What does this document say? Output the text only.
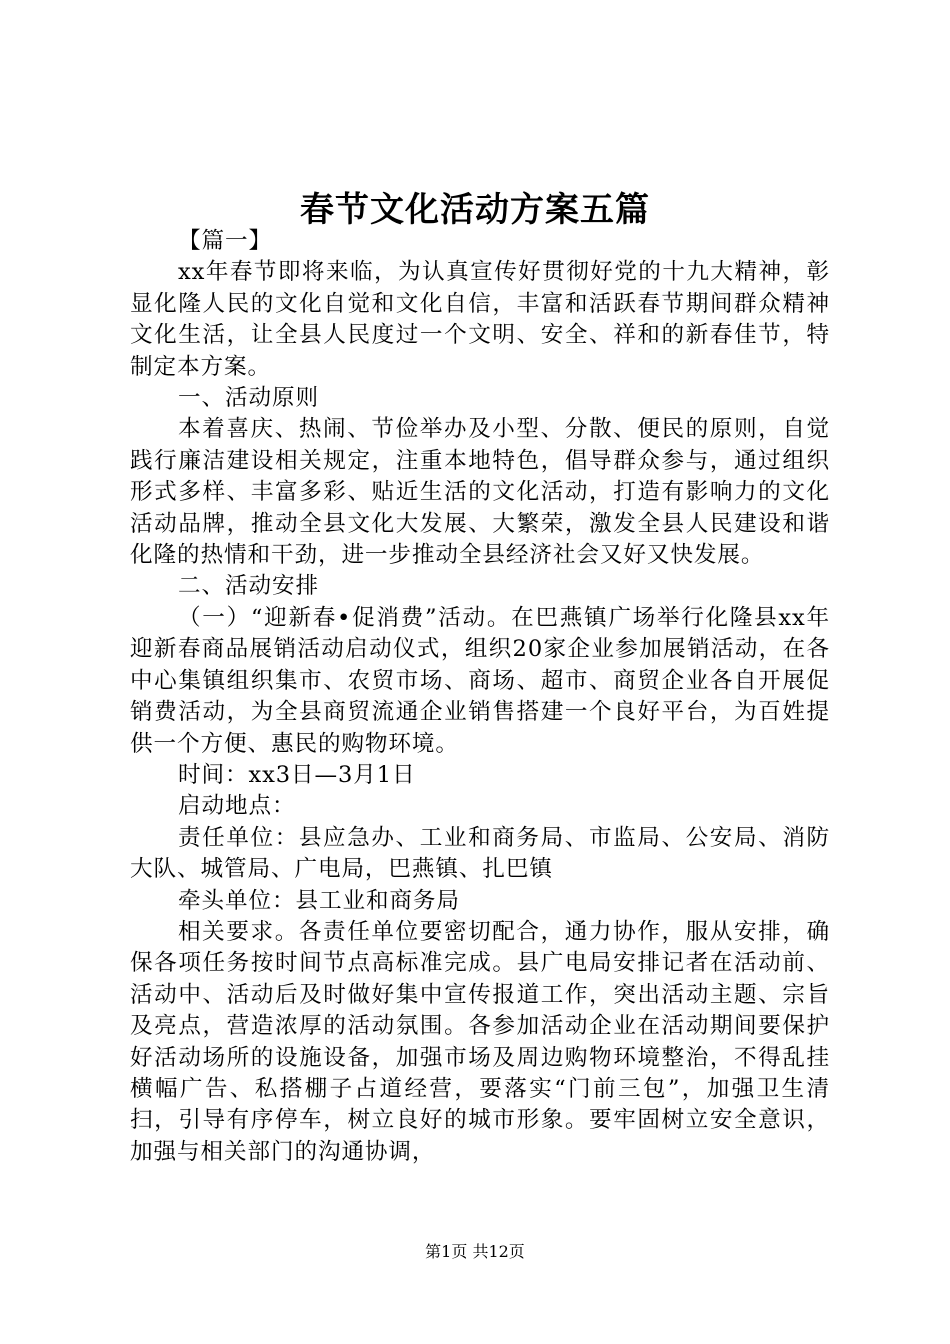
春节文化活动方案五篇

【篇一】

xx年春节即将来临，为认真宣传好贯彻好党的十九大精神，彰显化隆人民的文化自觉和文化自信，丰富和活跃春节期间群众精神文化生活，让全县人民度过一个文明、安全、祥和的新春佳节，特制定本方案。

一、活动原则

本着喜庆、热闹、节俭举办及小型、分散、便民的原则，自觉践行廉洁建设相关规定，注重本地特色，倡导群众参与，通过组织形式多样、丰富多彩、贴近生活的文化活动，打造有影响力的文化活动品牌，推动全县文化大发展、大繁荣，激发全县人民建设和谐化隆的热情和干劲，进一步推动全县经济社会又好又快发展。

二、活动安排

（一）“迎新春•促消费”活动。在巴燕镇广场举行化隆县xx年迎新春商品展销活动启动仪式，组织20家企业参加展销活动，在各中心集镇组织集市、农贸市场、商场、超市、商贸企业各自开展促销费活动，为全县商贸流通企业销售搭建一个良好平台，为百姓提供一个方便、惠民的购物环境。

时间：xx3日—3月1日

启动地点：

责任单位：县应急办、工业和商务局、市监局、公安局、消防大队、城管局、广电局，巴燕镇、扎巴镇

牵头单位：县工业和商务局

相关要求。各责任单位要密切配合，通力协作，服从安排，确保各项任务按时间节点高标准完成。县广电局安排记者在活动前、活动中、活动后及时做好集中宣传报道工作，突出活动主题、宗旨及亮点，营造浓厚的活动氛围。各参加活动企业在活动期间要保护好活动场所的设施设备，加强市场及周边购物环境整治，不得乱挂横幅广告、私搭棚子占道经营，要落实“门前三包”，加强卫生清扫，引导有序停车，树立良好的城市形象。要牢固树立安全意识，加强与相关部门的沟通协调，

第1页 共12页
